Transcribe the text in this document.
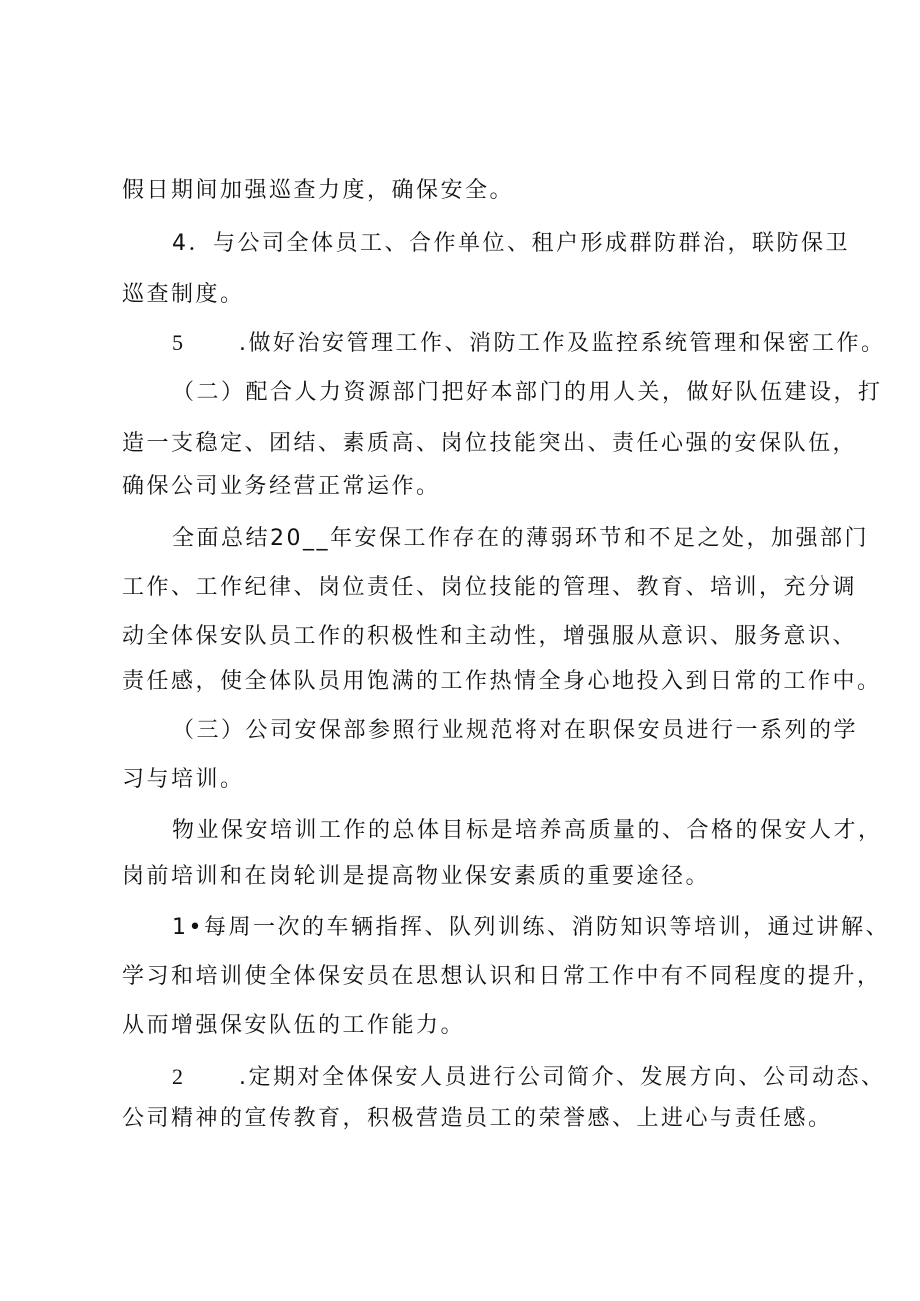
假日期间加强巡查力度，确保安全。
4．与公司全体员工、合作单位、租户形成群防群治，联防保卫
巡查制度。
5	.做好治安管理工作、消防工作及监控系统管理和保密工作。
（二）配合人力资源部门把好本部门的用人关，做好队伍建设，打
造一支稳定、团结、素质高、岗位技能突出、责任心强的安保队伍，
确保公司业务经营正常运作。
全面总结20__年安保工作存在的薄弱环节和不足之处，加强部门
工作、工作纪律、岗位责任、岗位技能的管理、教育、培训，充分调
动全体保安队员工作的积极性和主动性，增强服从意识、服务意识、
责任感，使全体队员用饱满的工作热情全身心地投入到日常的工作中。
（三）公司安保部参照行业规范将对在职保安员进行一系列的学
习与培训。
物业保安培训工作的总体目标是培养高质量的、合格的保安人才，
岗前培训和在岗轮训是提高物业保安素质的重要途径。
1•每周一次的车辆指挥、队列训练、消防知识等培训，通过讲解、
学习和培训使全体保安员在思想认识和日常工作中有不同程度的提升，
从而增强保安队伍的工作能力。
2	.定期对全体保安人员进行公司简介、发展方向、公司动态、
公司精神的宣传教育，积极营造员工的荣誉感、上进心与责任感。
